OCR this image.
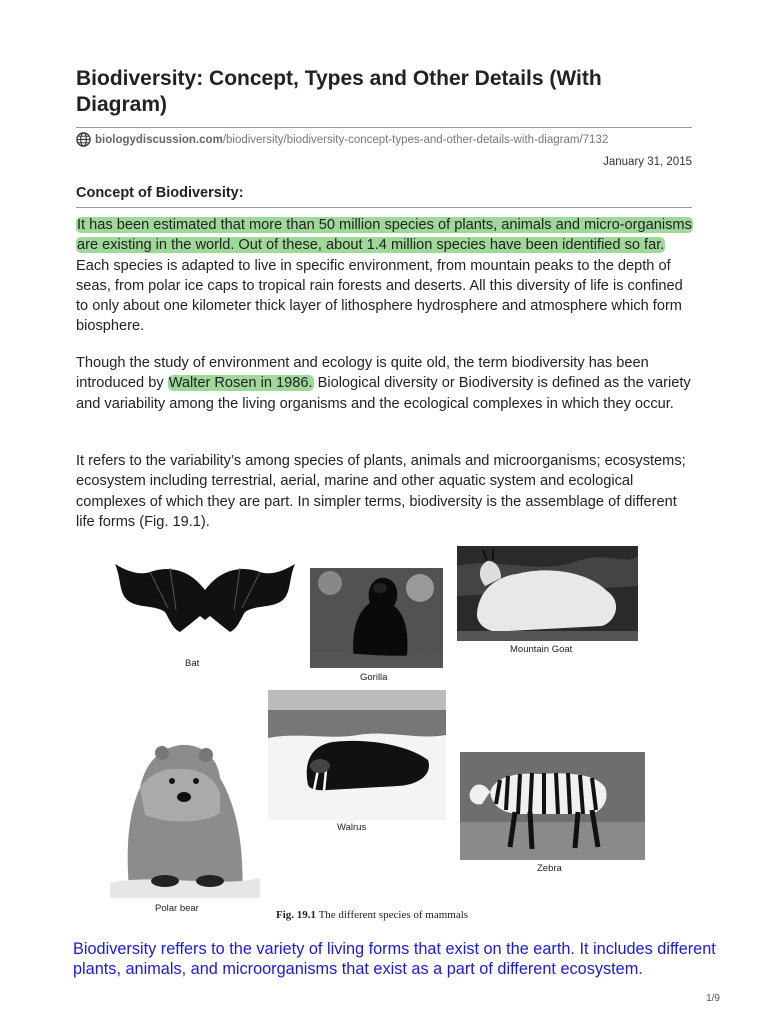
Biodiversity: Concept, Types and Other Details (With Diagram)
biologydiscussion.com /biodiversity/biodiversity-concept-types-and-other-details-with-diagram/7132
January 31, 2015
Concept of Biodiversity:

It has been estimated that more than 50 million species of plants, animals and micro-organisms are existing in the world. Out of these, about 1.4 million species have been identified so far. Each species is adapted to live in specific environment, from mountain peaks to the depth of seas, from polar ice caps to tropical rain forests and deserts. All this diversity of life is confined to only about one kilometer thick layer of lithosphere hydrosphere and atmosphere which form biosphere.

Though the study of environment and ecology is quite old, the term biodiversity has been introduced by Walter Rosen in 1986. Biological diversity or Biodiversity is defined as the variety and variability among the living organisms and the ecological complexes in which they occur.

It refers to the variability’s among species of plants, animals and microorganisms; ecosystems; ecosystem including terrestrial, aerial, marine and other aquatic system and ecological complexes of which they are part. In simpler terms, biodiversity is the assemblage of different life forms (Fig. 19.1).

Bat
Gorilla
Mountain Goat
Walrus
Polar bear
Zebra
Fig. 19.1 The different species of mammals

Biodiversity reffers to the variety of living forms that exist on the earth. It includes different plants, animals, and microorganisms that exist as a part of different ecosystem.

1/9
